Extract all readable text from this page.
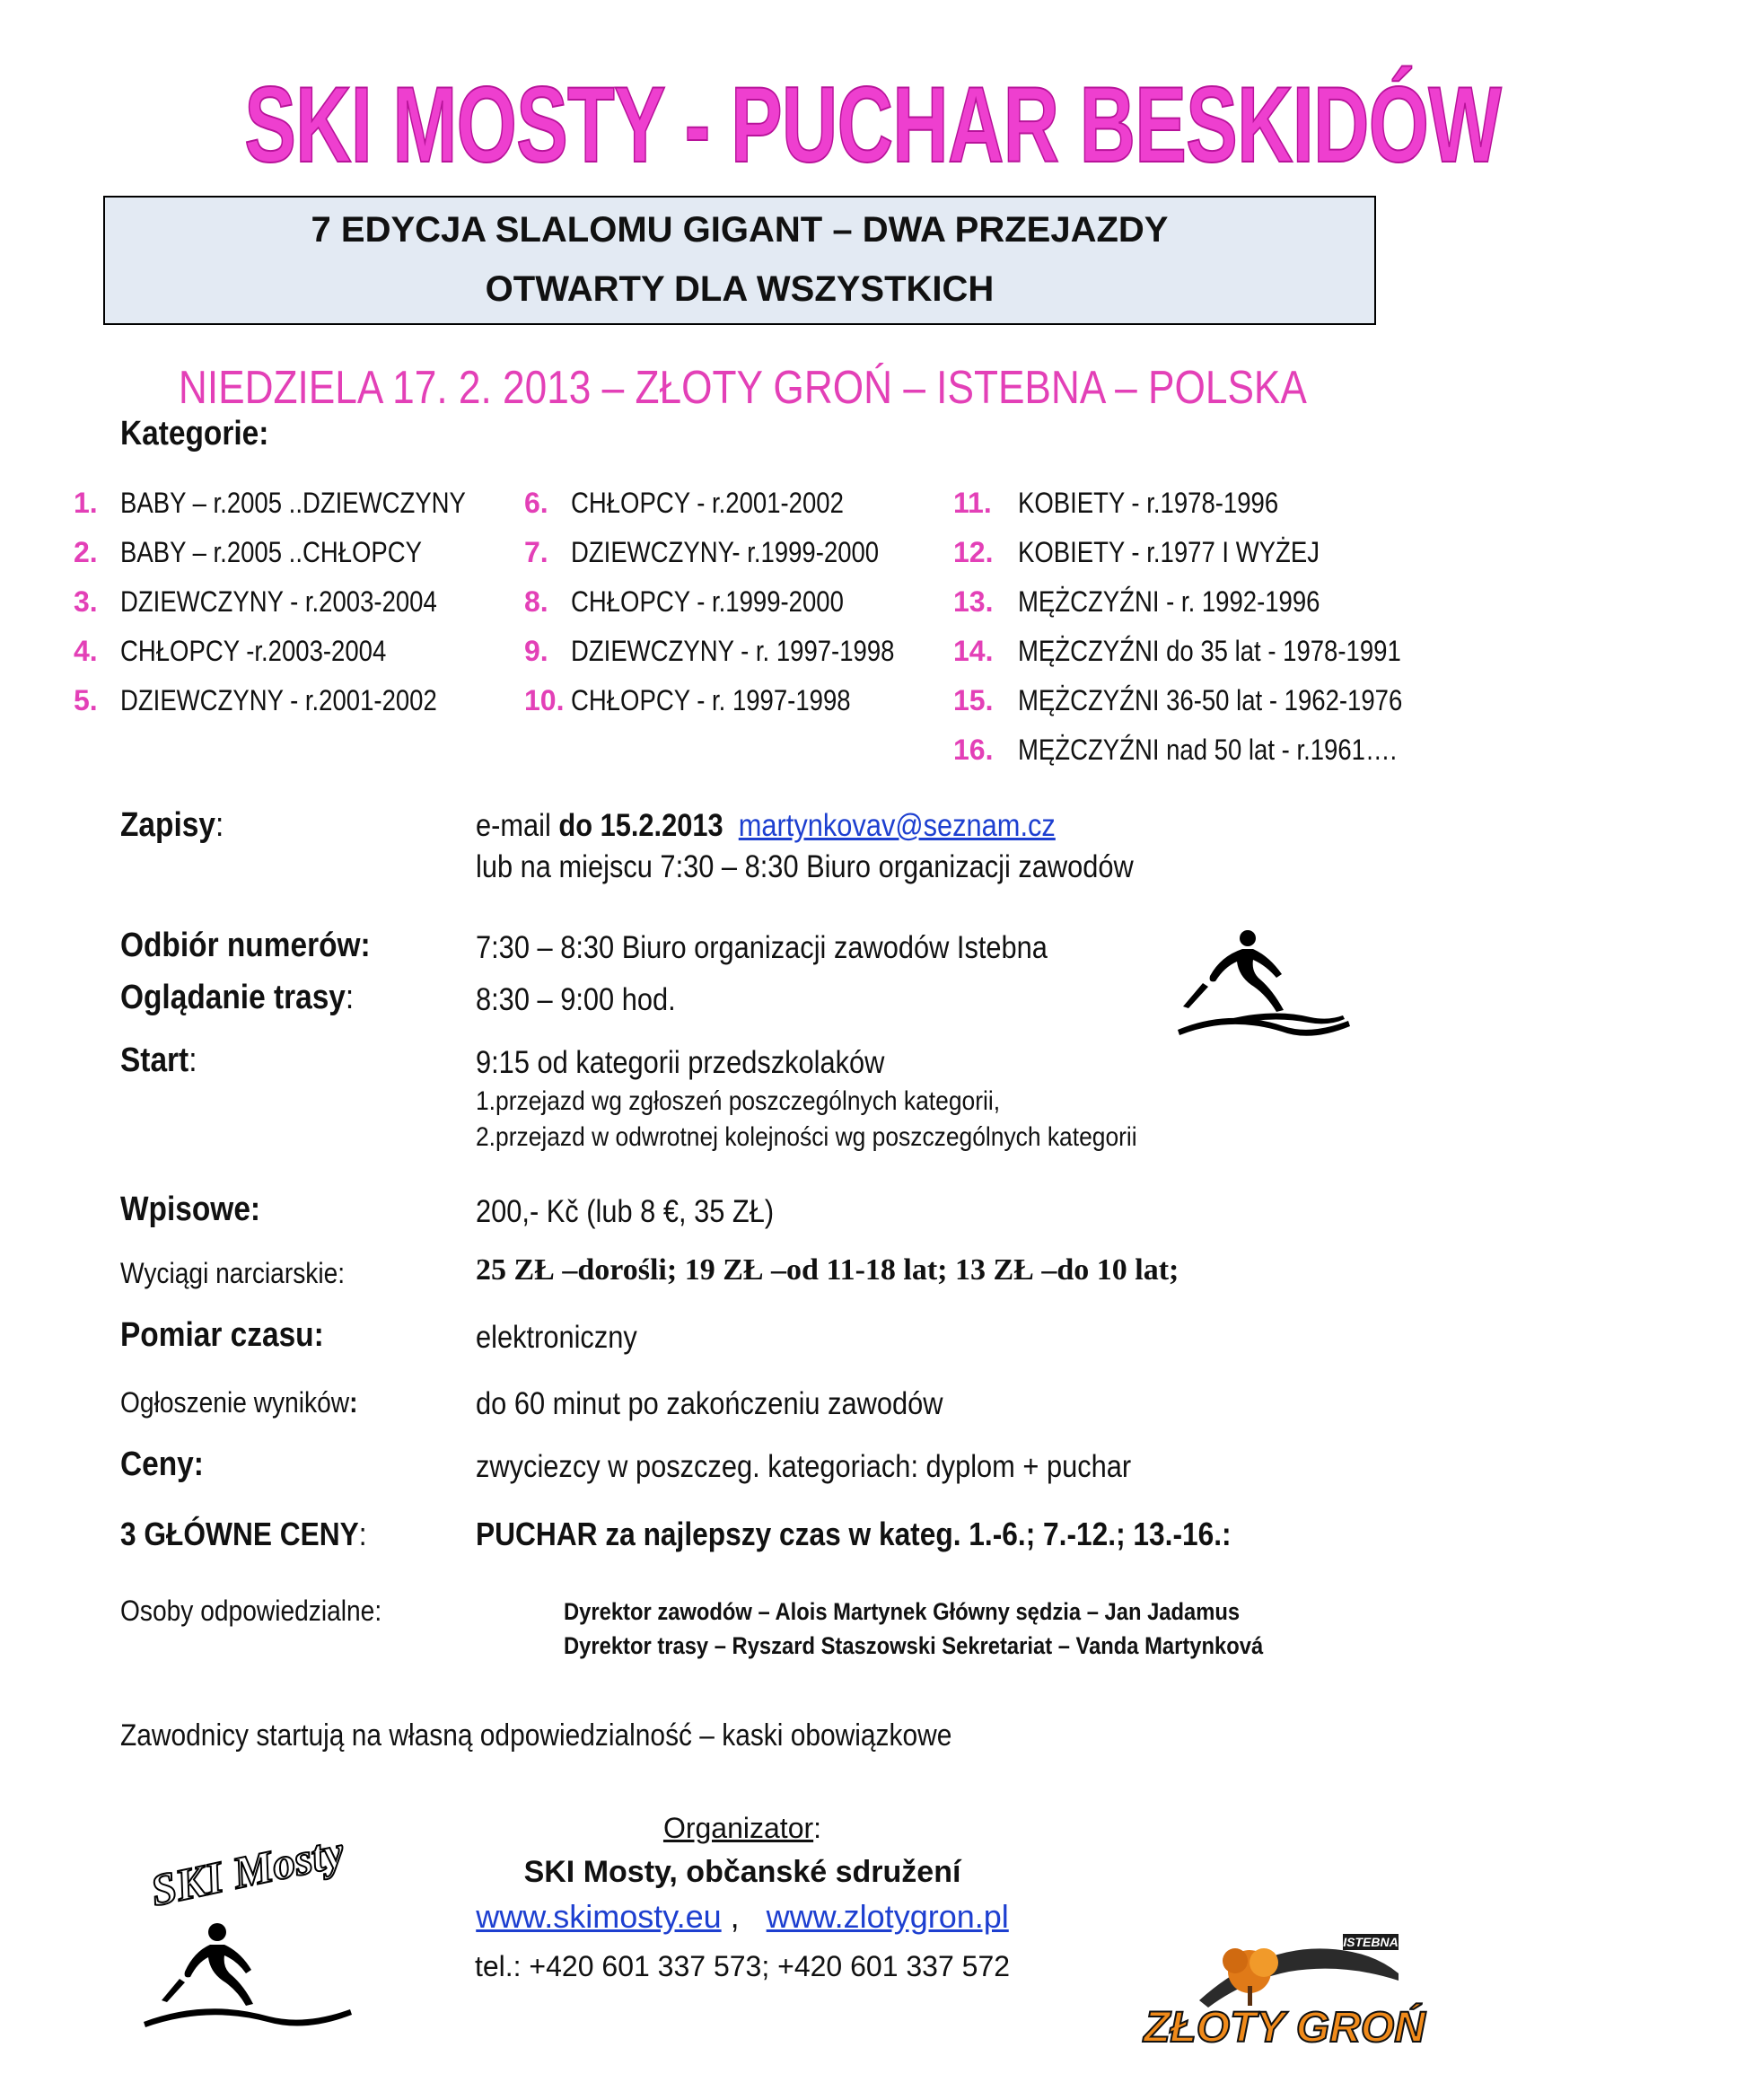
SKI MOSTY - PUCHAR BESKIDÓW
7 EDYCJA SLALOMU GIGANT – DWA PRZEJAZDY
OTWARTY DLA WSZYSTKICH
NIEDZIELA 17. 2. 2013 – ZŁOTY GROŃ – ISTEBNA – POLSKA
Kategorie:
1. BABY – r.2005 ..DZIEWCZYNY
2. BABY – r.2005 ..CHŁOPCY
3. DZIEWCZYNY - r.2003-2004
4. CHŁOPCY -r.2003-2004
5. DZIEWCZYNY - r.2001-2002
6. CHŁOPCY - r.2001-2002
7. DZIEWCZYNY- r.1999-2000
8. CHŁOPCY - r.1999-2000
9. DZIEWCZYNY - r. 1997-1998
10. CHŁOPCY - r. 1997-1998
11. KOBIETY - r.1978-1996
12. KOBIETY - r.1977 I WYŻEJ
13. MĘŻCZYŹNI - r. 1992-1996
14. MĘŻCZYŹNI do 35 lat - 1978-1991
15. MĘŻCZYŹNI 36-50 lat - 1962-1976
16. MĘŻCZYŹNI nad 50 lat - r.1961….
Zapisy:	e-mail do 15.2.2013 martynkovav@seznam.cz
lub na miejscu 7:30 – 8:30 Biuro organizacji zawodów
Odbiór numerów:	7:30 – 8:30 Biuro organizacji zawodów Istebna
Oglądanie trasy:	8:30 – 9:00 hod.
Start:	9:15 od kategorii przedszkolaków
1.przejazd wg zgłoszeń poszczególnych kategorii,
2.przejazd w odwrotnej kolejności wg poszczególnych kategorii
Wpisowe:	200,- Kč (lub 8 €, 35 ZŁ)
Wyciągi narciarskie:	25 ZŁ –dorośli; 19 ZŁ –od 11-18 lat; 13 ZŁ –do 10 lat;
Pomiar czasu:	elektroniczny
Ogłoszenie wyników:	do 60 minut po zakończeniu zawodów
Ceny:	zwyciezcy w poszczeg. kategoriach: dyplom + puchar
3 GŁÓWNE CENY:	PUCHAR za najlepszy czas w kateg. 1.-6.; 7.-12.; 13.-16.:
Osoby odpowiedzialne:	Dyrektor zawodów – Alois Martynek Główny sędzia – Jan Jadamus
Dyrektor trasy – Ryszard Staszowski Sekretariat – Vanda Martynková
Zawodnicy startują na własną odpowiedzialność – kaski obowiązkowe
Organizator:
SKI Mosty, občanské sdružení
www.skimosty.eu ,   www.zlotygron.pl
tel.: +420 601 337 573; +420 601 337 572
SKI Mosty
ISTEBNA
ZŁOTY GROŃ
